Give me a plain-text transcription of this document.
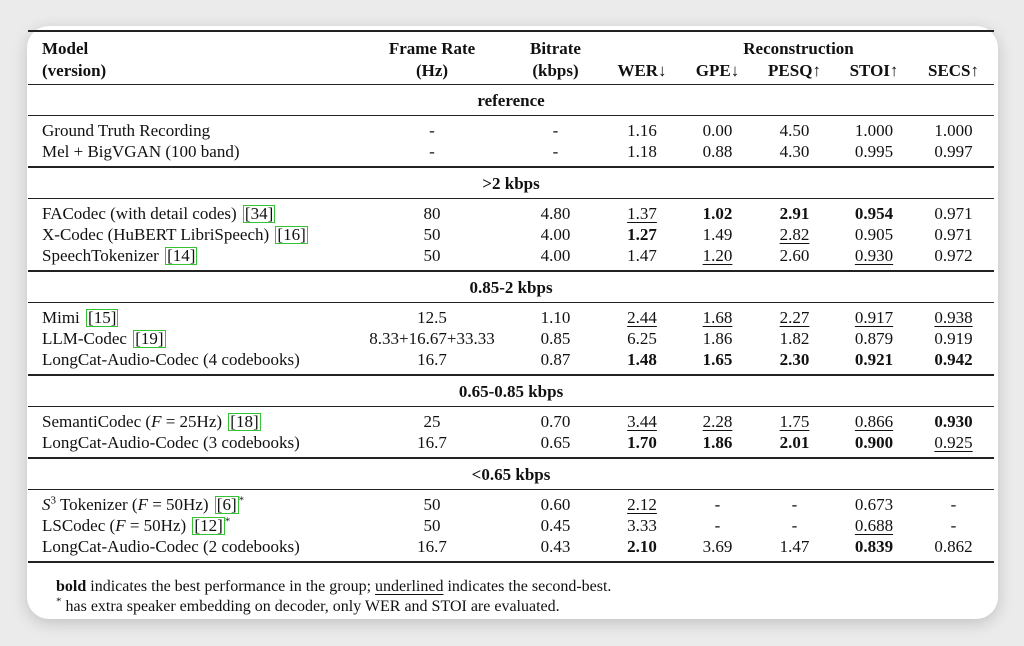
Model	Frame Rate	Bitrate	Reconstruction				
(version)	(Hz)	(kbps)	WER↓	GPE↓	PESQ↑	STOI↑	SECS↑
reference							
Ground Truth Recording	-	-	1.16	0.00	4.50	1.000	1.000
Mel + BigVGAN (100 band)	-	-	1.18	0.88	4.30	0.995	0.997
>2 kbps							
FACodec (with detail codes) [34]	80	4.80	1.37	1.02	2.91	0.954	0.971
X-Codec (HuBERT LibriSpeech) [16]	50	4.00	1.27	1.49	2.82	0.905	0.971
SpeechTokenizer [14]	50	4.00	1.47	1.20	2.60	0.930	0.972
0.85-2 kbps							
Mimi [15]	12.5	1.10	2.44	1.68	2.27	0.917	0.938
LLM-Codec [19]	8.33+16.67+33.33	0.85	6.25	1.86	1.82	0.879	0.919
LongCat-Audio-Codec (4 codebooks)	16.7	0.87	1.48	1.65	2.30	0.921	0.942
0.65-0.85 kbps							
SemantiCodec (F = 25Hz) [18]	25	0.70	3.44	2.28	1.75	0.866	0.930
LongCat-Audio-Codec (3 codebooks)	16.7	0.65	1.70	1.86	2.01	0.900	0.925
<0.65 kbps							
$S^3$ Tokenizer (F = 50Hz) [6] *	50	0.60	2.12	-	-	0.673	-
LSCodec (F = 50Hz) [12] *	50	0.45	3.33	-	-	0.688	-
LongCat-Audio-Codec (2 codebooks)	16.7	0.43	2.10	3.69	1.47	0.839	0.862
bold indicates the best performance in the group; underlined indicates the second-best.
* has extra speaker embedding on decoder, only WER and STOI are evaluated.
